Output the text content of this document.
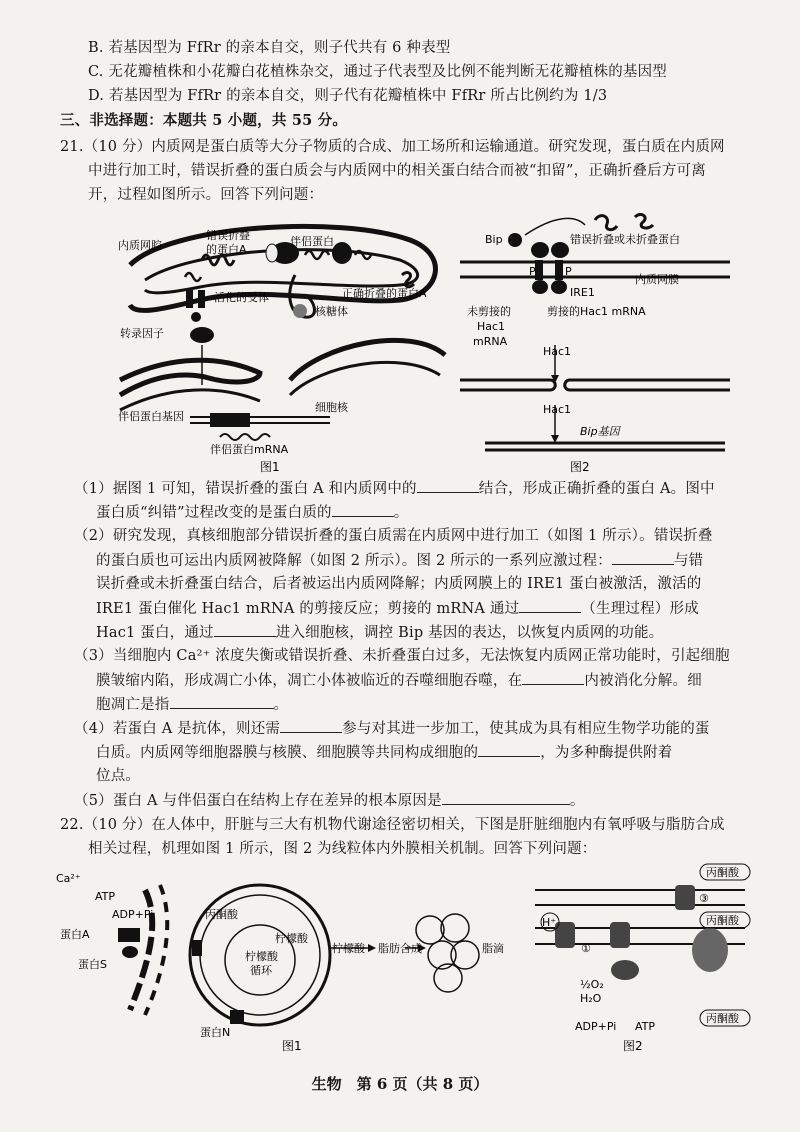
B. 若基因型为 FfRr 的亲本自交，则子代共有 6 种表型
C. 无花瓣植株和小花瓣白花植株杂交，通过子代表型及比例不能判断无花瓣植株的基因型
D. 若基因型为 FfRr 的亲本自交，则子代有花瓣植株中 FfRr 所占比例约为 1/3
三、非选择题：本题共 5 小题，共 55 分。
21.（10 分）内质网是蛋白质等大分子物质的合成、加工场所和运输通道。研究发现，蛋白质在内质网
中进行加工时，错误折叠的蛋白质会与内质网中的相关蛋白结合而被“扣留”，正确折叠后方可离
开，过程如图所示。回答下列问题：
内质网腔
错误折叠
的蛋白A
伴侣蛋白
正确折叠的蛋白A
活化的受体
核糖体
转录因子
细胞核
伴侣蛋白基因
伴侣蛋白mRNA
图1
Bip	错误折叠或未折叠蛋白
P	P
IRE1
内质网膜
未剪接的
Hac1
mRNA
剪接的Hac1 mRNA
Hac1
Hac1
Bip基因
图2
（1）据图 1 可知，错误折叠的蛋白 A 和内质网中的	结合，形成正确折叠的蛋白 A。图中
蛋白质“纠错”过程改变的是蛋白质的	。
（2）研究发现，真核细胞部分错误折叠的蛋白质需在内质网中进行加工（如图 1 所示）。错误折叠
的蛋白质也可运出内质网被降解（如图 2 所示）。图 2 所示的一系列应激过程：	与错
误折叠或未折叠蛋白结合，后者被运出内质网降解；内质网膜上的 IRE1 蛋白被激活，激活的
IRE1 蛋白催化 Hac1 mRNA 的剪接反应；剪接的 mRNA 通过	（生理过程）形成
Hac1 蛋白，通过	进入细胞核，调控 Bip 基因的表达，以恢复内质网的功能。
（3）当细胞内 Ca²⁺ 浓度失衡或错误折叠、未折叠蛋白过多，无法恢复内质网正常功能时，引起细胞
膜皱缩内陷，形成凋亡小体，凋亡小体被临近的吞噬细胞吞噬，在	内被消化分解。细
胞凋亡是指	。
（4）若蛋白 A 是抗体，则还需	参与对其进一步加工，使其成为具有相应生物学功能的蛋
白质。内质网等细胞器膜与核膜、细胞膜等共同构成细胞的	，为多种酶提供附着
位点。
（5）蛋白 A 与伴侣蛋白在结构上存在差异的根本原因是	。
22.（10 分）在人体中，肝脏与三大有机物代谢途径密切相关，下图是肝脏细胞内有氧呼吸与脂肪合成
相关过程，机理如图 1 所示，图 2 为线粒体内外膜相关机制。回答下列问题：
Ca²⁺
ATP
ADP+Pi
蛋白A
蛋白S
丙酮酸
柠檬酸
柠檬酸
循环
蛋白N
柠檬酸 脂肪合成	脂滴
图1
丙酮酸
丙酮酸
丙酮酸
③
H⁺
①
½O₂
H₂O
ADP+Pi ATP
图2
生物　第 6 页（共 8 页）
